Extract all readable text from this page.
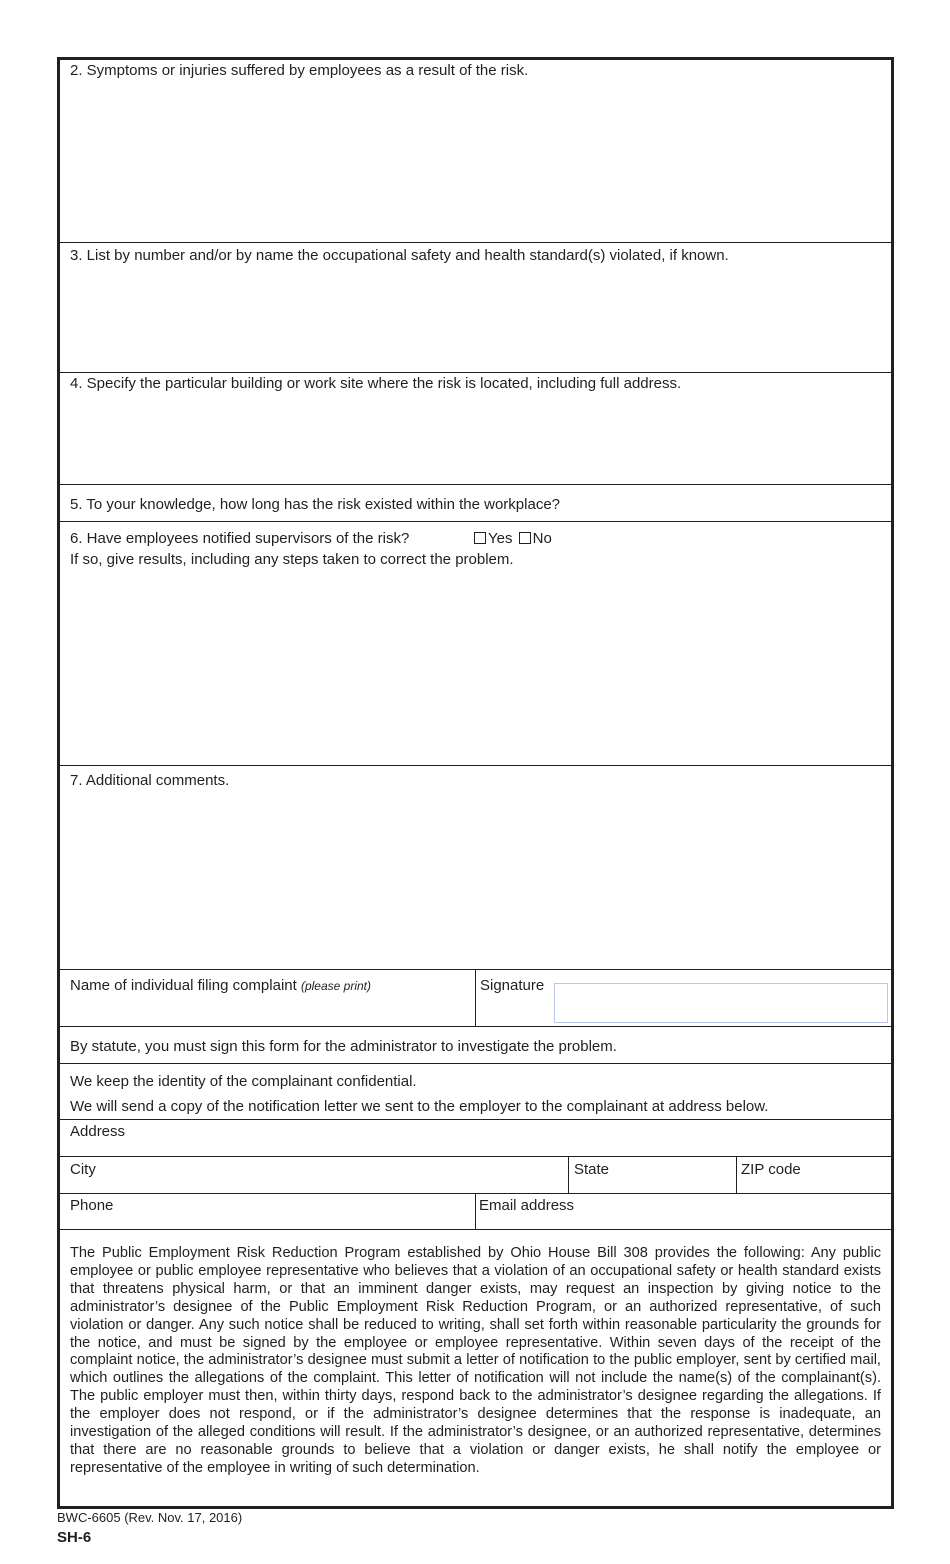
2. Symptoms or injuries suffered by employees as a result of the risk.
3. List by number and/or by name the occupational safety and health standard(s) violated, if known.
4. Specify the particular building or work site where the risk is located, including full address.
5. To your knowledge, how long has the risk existed within the workplace?
6. Have employees notified supervisors of the risk?	Yes No
If so, give results, including any steps taken to correct the problem.
7. Additional comments.
Name of individual filing complaint (please print)	Signature
By statute, you must sign this form for the administrator to investigate the problem.
We keep the identity of the complainant confidential.
We will send a copy of the notification letter we sent to the employer to the complainant at address below.
Address
City	State	ZIP code
Phone	Email address
The Public Employment Risk Reduction Program established by Ohio House Bill 308 provides the following: Any public employee or public employee representative who believes that a violation of an occupational safety or health standard exists that threatens physical harm, or that an imminent danger exists, may request an inspection by giving notice to the administrator’s designee of the Public Employment Risk Reduction Program, or an authorized representative, of such violation or danger. Any such notice shall be reduced to writing, shall set forth within reasonable particularity the grounds for the notice, and must be signed by the employee or employee representative. Within seven days of the receipt of the complaint notice, the administrator’s designee must submit a letter of notification to the public employer, sent by certified mail, which outlines the allegations of the complaint. This letter of notification will not include the name(s) of the complainant(s). The public employer must then, within thirty days, respond back to the administrator’s designee regarding the allegations. If the employer does not respond, or if the administrator’s designee determines that the response is inadequate, an investigation of the alleged conditions will result. If the administrator’s designee, or an authorized representative, determines that there are no reasonable grounds to believe that a violation or danger exists, he shall notify the employee or representative of the employee in writing of such determination.
BWC-6605 (Rev. Nov. 17, 2016)
SH-6
